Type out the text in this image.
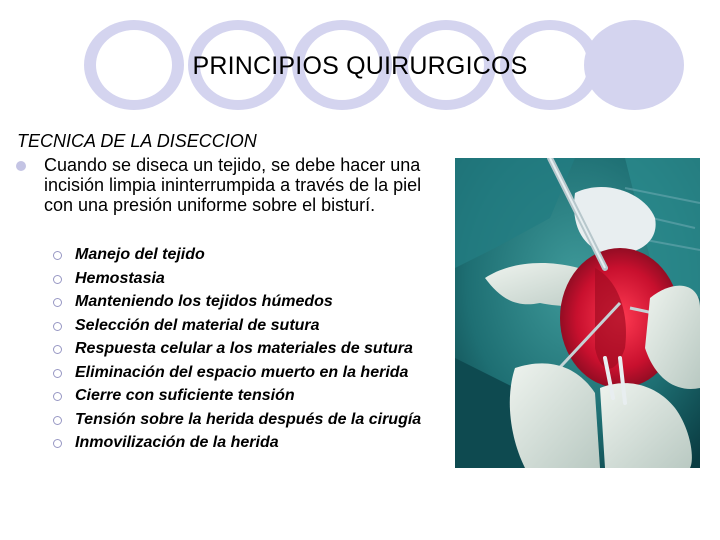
PRINCIPIOS QUIRURGICOS
TECNICA DE LA DISECCION
Cuando se diseca un tejido, se debe hacer una incisión limpia ininterrumpida a través de la piel con una presión uniforme sobre el bisturí.
Manejo del tejido
Hemostasia
Manteniendo los tejidos húmedos
Selección del material de sutura
Respuesta celular a los materiales de sutura
Eliminación del espacio muerto en la herida
Cierre con suficiente tensión
Tensión sobre la herida después de la cirugía
Inmovilización de la herida
